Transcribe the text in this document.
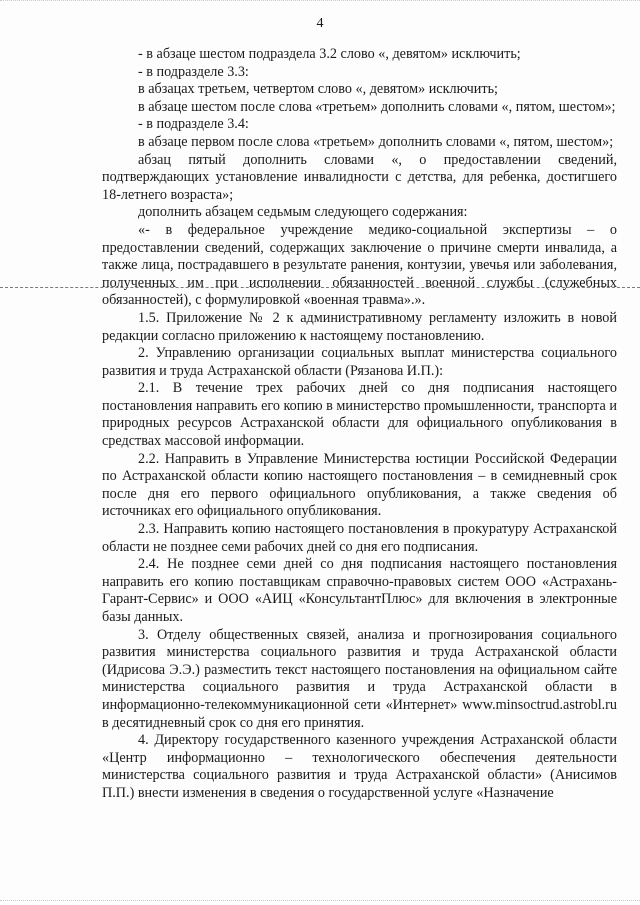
4

- в абзаце шестом подраздела 3.2 слово «, девятом» исключить;

- в подразделе 3.3:

в абзацах третьем, четвертом слово «, девятом» исключить;

в абзаце шестом после слова «третьем» дополнить словами «, пятом, шестом»;

- в подразделе 3.4:

в абзаце первом после слова «третьем» дополнить словами «, пятом, шестом»;

абзац пятый дополнить словами «, о предоставлении сведений, подтверждающих установление инвалидности с детства, для ребенка, достигшего 18-летнего возраста»;

дополнить абзацем седьмым следующего содержания:

«- в федеральное учреждение медико-социальной экспертизы – о предоставлении сведений, содержащих заключение о причине смерти инвалида, а также лица, пострадавшего в результате ранения, контузии, увечья или заболевания, полученных им при исполнении обязанностей военной службы (служебных обязанностей), с формулировкой «военная травма».».

1.5. Приложение № 2 к административному регламенту изложить в новой редакции согласно приложению к настоящему постановлению.

2. Управлению организации социальных выплат министерства социального развития и труда Астраханской области (Рязанова И.П.):

2.1. В течение трех рабочих дней со дня подписания настоящего постановления направить его копию в министерство промышленности, транспорта и природных ресурсов Астраханской области для официального опубликования в средствах массовой информации.

2.2. Направить в Управление Министерства юстиции Российской Федерации по Астраханской области копию настоящего постановления – в семидневный срок после дня его первого официального опубликования, а также сведения об источниках его официального опубликования.

2.3. Направить копию настоящего постановления в прокуратуру Астраханской области не позднее семи рабочих дней со дня его подписания.

2.4. Не позднее семи дней со дня подписания настоящего постановления направить его копию поставщикам справочно-правовых систем ООО «Астрахань-Гарант-Сервис» и ООО «АИЦ «КонсультантПлюс» для включения в электронные базы данных.

3. Отделу общественных связей, анализа и прогнозирования социального развития министерства социального развития и труда Астраханской области (Идрисова Э.Э.) разместить текст настоящего постановления на официальном сайте министерства социального развития и труда Астраханской области в информационно-телекоммуникационной сети «Интернет» www.minsoctrud.astrobl.ru в десятидневный срок со дня его принятия.

4. Директору государственного казенного учреждения Астраханской области «Центр информационно – технологического обеспечения деятельности министерства социального развития и труда Астраханской области» (Анисимов П.П.) внести изменения в сведения о государственной услуге «Назначение
